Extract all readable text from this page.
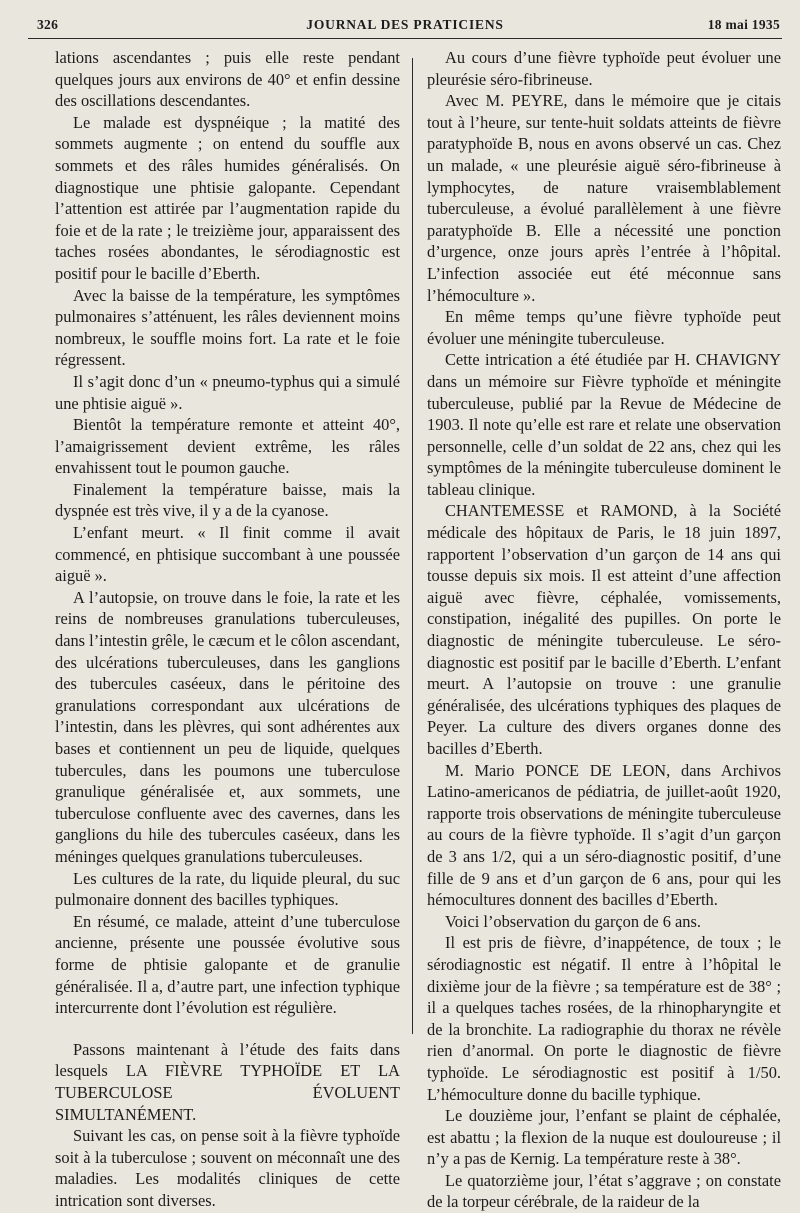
326	JOURNAL DES PRATICIENS	18 mai 1935

lations ascendantes ; puis elle reste pendant quelques jours aux environs de 40° et enfin dessine des oscillations descendantes.

Le malade est dyspnéique ; la matité des sommets augmente ; on entend du souffle aux sommets et des râles humides généralisés. On diagnostique une phtisie galopante. Cependant l’attention est attirée par l’augmentation rapide du foie et de la rate ; le treizième jour, apparaissent des taches rosées abondantes, le sérodiagnostic est positif pour le bacille d’Eberth.

Avec la baisse de la température, les symptômes pulmonaires s’atténuent, les râles deviennent moins nombreux, le souffle moins fort. La rate et le foie régressent.

Il s’agit donc d’un « pneumo-typhus qui a simulé une phtisie aiguë ».

Bientôt la température remonte et atteint 40°, l’amaigrissement devient extrême, les râles envahissent tout le poumon gauche.

Finalement la température baisse, mais la dyspnée est très vive, il y a de la cyanose.

L’enfant meurt. « Il finit comme il avait commencé, en phtisique succombant à une poussée aiguë ».

A l’autopsie, on trouve dans le foie, la rate et les reins de nombreuses granulations tuberculeuses, dans l’intestin grêle, le cæcum et le côlon ascendant, des ulcérations tuberculeuses, dans les ganglions des tubercules caséeux, dans le péritoine des granulations correspondant aux ulcérations de l’intestin, dans les plèvres, qui sont adhérentes aux bases et contiennent un peu de liquide, quelques tubercules, dans les poumons une tuberculose granulique généralisée et, aux sommets, une tuberculose confluente avec des cavernes, dans les ganglions du hile des tubercules caséeux, dans les méninges quelques granulations tuberculeuses.

Les cultures de la rate, du liquide pleural, du suc pulmonaire donnent des bacilles typhiques.

En résumé, ce malade, atteint d’une tuberculose ancienne, présente une poussée évolutive sous forme de phtisie galopante et de granulie généralisée. Il a, d’autre part, une infection typhique intercurrente dont l’évolution est régulière.

Passons maintenant à l’étude des faits dans lesquels LA FIÈVRE TYPHOÏDE ET LA TUBERCULOSE ÉVOLUENT SIMULTANÉMENT.

Suivant les cas, on pense soit à la fièvre typhoïde soit à la tuberculose ; souvent on méconnaît une des maladies. Les modalités cliniques de cette intrication sont diverses.

Au cours d’une fièvre typhoïde peut évoluer une pleurésie séro-fibrineuse.

Avec M. PEYRE, dans le mémoire que je citais tout à l’heure, sur tente-huit soldats atteints de fièvre paratyphoïde B, nous en avons observé un cas. Chez un malade, « une pleurésie aiguë séro-fibrineuse à lymphocytes, de nature vraisemblablement tuberculeuse, a évolué parallèlement à une fièvre paratyphoïde B. Elle a nécessité une ponction d’urgence, onze jours après l’entrée à l’hôpital. L’infection associée eut été méconnue sans l’hémoculture ».

En même temps qu’une fièvre typhoïde peut évoluer une méningite tuberculeuse.

Cette intrication a été étudiée par H. CHAVIGNY dans un mémoire sur Fièvre typhoïde et méningite tuberculeuse, publié par la Revue de Médecine de 1903. Il note qu’elle est rare et relate une observation personnelle, celle d’un soldat de 22 ans, chez qui les symptômes de la méningite tuberculeuse dominent le tableau clinique.

CHANTEMESSE et RAMOND, à la Société médicale des hôpitaux de Paris, le 18 juin 1897, rapportent l’observation d’un garçon de 14 ans qui tousse depuis six mois. Il est atteint d’une affection aiguë avec fièvre, céphalée, vomissements, constipation, inégalité des pupilles. On porte le diagnostic de méningite tuberculeuse. Le séro-diagnostic est positif par le bacille d’Eberth. L’enfant meurt. A l’autopsie on trouve : une granulie généralisée, des ulcérations typhiques des plaques de Peyer. La culture des divers organes donne des bacilles d’Eberth.

M. Mario PONCE DE LEON, dans Archivos Latino-americanos de pédiatria, de juillet-août 1920, rapporte trois observations de méningite tuberculeuse au cours de la fièvre typhoïde. Il s’agit d’un garçon de 3 ans 1/2, qui a un séro-diagnostic positif, d’une fille de 9 ans et d’un garçon de 6 ans, pour qui les hémocultures donnent des bacilles d’Eberth.

Voici l’observation du garçon de 6 ans.

Il est pris de fièvre, d’inappétence, de toux ; le sérodiagnostic est négatif. Il entre à l’hôpital le dixième jour de la fièvre ; sa température est de 38° ; il a quelques taches rosées, de la rhinopharyngite et de la bronchite. La radiographie du thorax ne révèle rien d’anormal. On porte le diagnostic de fièvre typhoïde. Le sérodiagnostic est positif à 1/50. L’hémoculture donne du bacille typhique.

Le douzième jour, l’enfant se plaint de céphalée, est abattu ; la flexion de la nuque est douloureuse ; il n’y a pas de Kernig. La température reste à 38°.

Le quatorzième jour, l’état s’aggrave ; on constate de la torpeur cérébrale, de la raideur de la
